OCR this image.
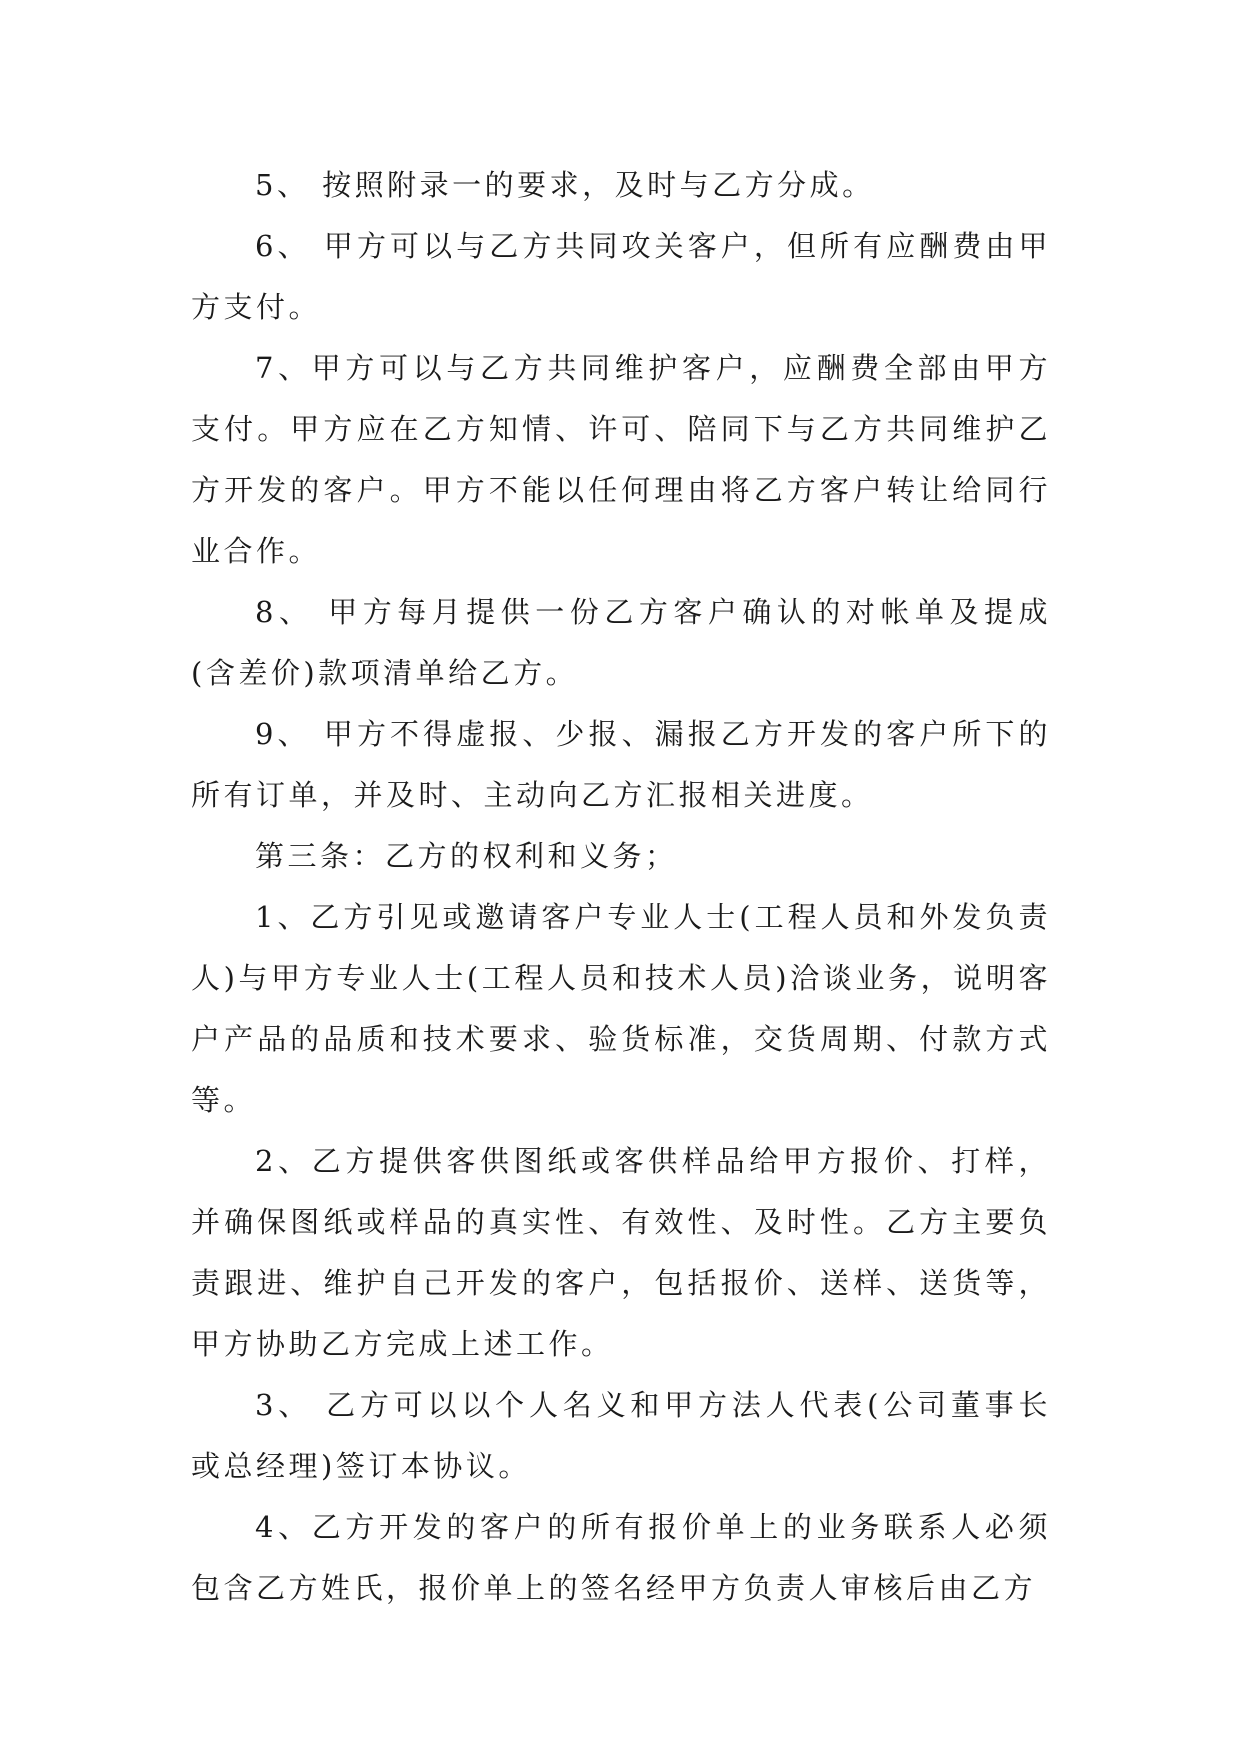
5、 按照附录一的要求，及时与乙方分成。

6、 甲方可以与乙方共同攻关客户，但所有应酬费由甲方支付。

7、甲方可以与乙方共同维护客户，应酬费全部由甲方支付。甲方应在乙方知情、许可、陪同下与乙方共同维护乙方开发的客户。甲方不能以任何理由将乙方客户转让给同行业合作。

8、 甲方每月提供一份乙方客户确认的对帐单及提成(含差价)款项清单给乙方。

9、 甲方不得虚报、少报、漏报乙方开发的客户所下的所有订单，并及时、主动向乙方汇报相关进度。

第三条：乙方的权利和义务；

1、乙方引见或邀请客户专业人士(工程人员和外发负责人)与甲方专业人士(工程人员和技术人员)洽谈业务，说明客户产品的品质和技术要求、验货标准，交货周期、付款方式等。

2、乙方提供客供图纸或客供样品给甲方报价、打样，并确保图纸或样品的真实性、有效性、及时性。乙方主要负责跟进、维护自己开发的客户，包括报价、送样、送货等，甲方协助乙方完成上述工作。

3、 乙方可以以个人名义和甲方法人代表(公司董事长或总经理)签订本协议。

4、乙方开发的客户的所有报价单上的业务联系人必须包含乙方姓氏，报价单上的签名经甲方负责人审核后由乙方
